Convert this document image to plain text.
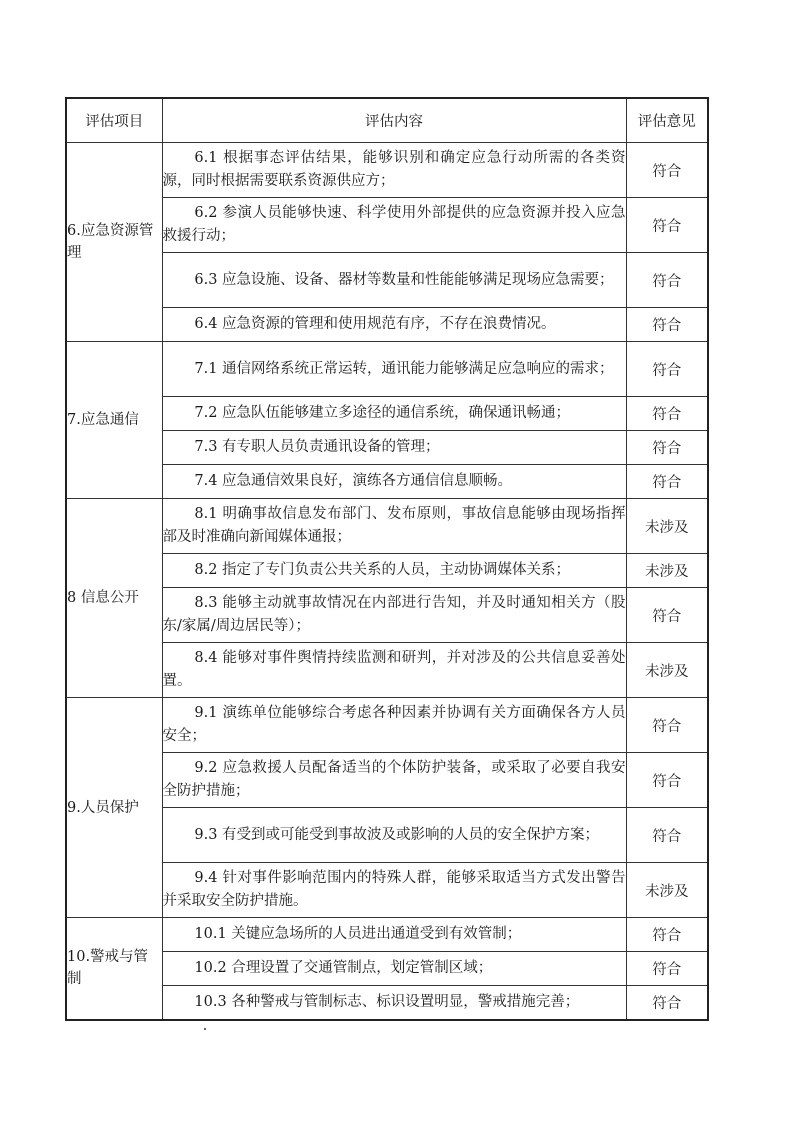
评估项目	评估内容	评估意见
6.应急资源管理	6.1 根据事态评估结果，能够识别和确定应急行动所需的各类资源，同时根据需要联系资源供应方；	符合

	6.2 参演人员能够快速、科学使用外部提供的应急资源并投入应急救援行动；	符合

	6.3 应急设施、设备、器材等数量和性能能够满足现场应急需要；	符合

	6.4 应急资源的管理和使用规范有序，不存在浪费情况。	符合
7.应急通信	7.1 通信网络系统正常运转，通讯能力能够满足应急响应的需求；	符合

	7.2 应急队伍能够建立多途径的通信系统，确保通讯畅通；	符合

	7.3 有专职人员负责通讯设备的管理；	符合

	7.4 应急通信效果良好，演练各方通信信息顺畅。	符合
8 信息公开	8.1 明确事故信息发布部门、发布原则，事故信息能够由现场指挥部及时准确向新闻媒体通报；	未涉及

	8.2 指定了专门负责公共关系的人员，主动协调媒体关系；	未涉及

	8.3 能够主动就事故情况在内部进行告知，并及时通知相关方（股东/家属/周边居民等）；	符合

	8.4 能够对事件舆情持续监测和研判，并对涉及的公共信息妥善处置。	未涉及
9.人员保护	9.1 演练单位能够综合考虑各种因素并协调有关方面确保各方人员安全；	符合

	9.2 应急救援人员配备适当的个体防护装备，或采取了必要自我安全防护措施；	符合

	9.3 有受到或可能受到事故波及或影响的人员的安全保护方案；	符合

	9.4 针对事件影响范围内的特殊人群，能够采取适当方式发出警告并采取安全防护措施。	未涉及
10.警戒与管制	10.1 关键应急场所的人员进出通道受到有效管制；	符合

	10.2 合理设置了交通管制点，划定管制区域；	符合

	10.3 各种警戒与管制标志、标识设置明显，警戒措施完善；	符合
